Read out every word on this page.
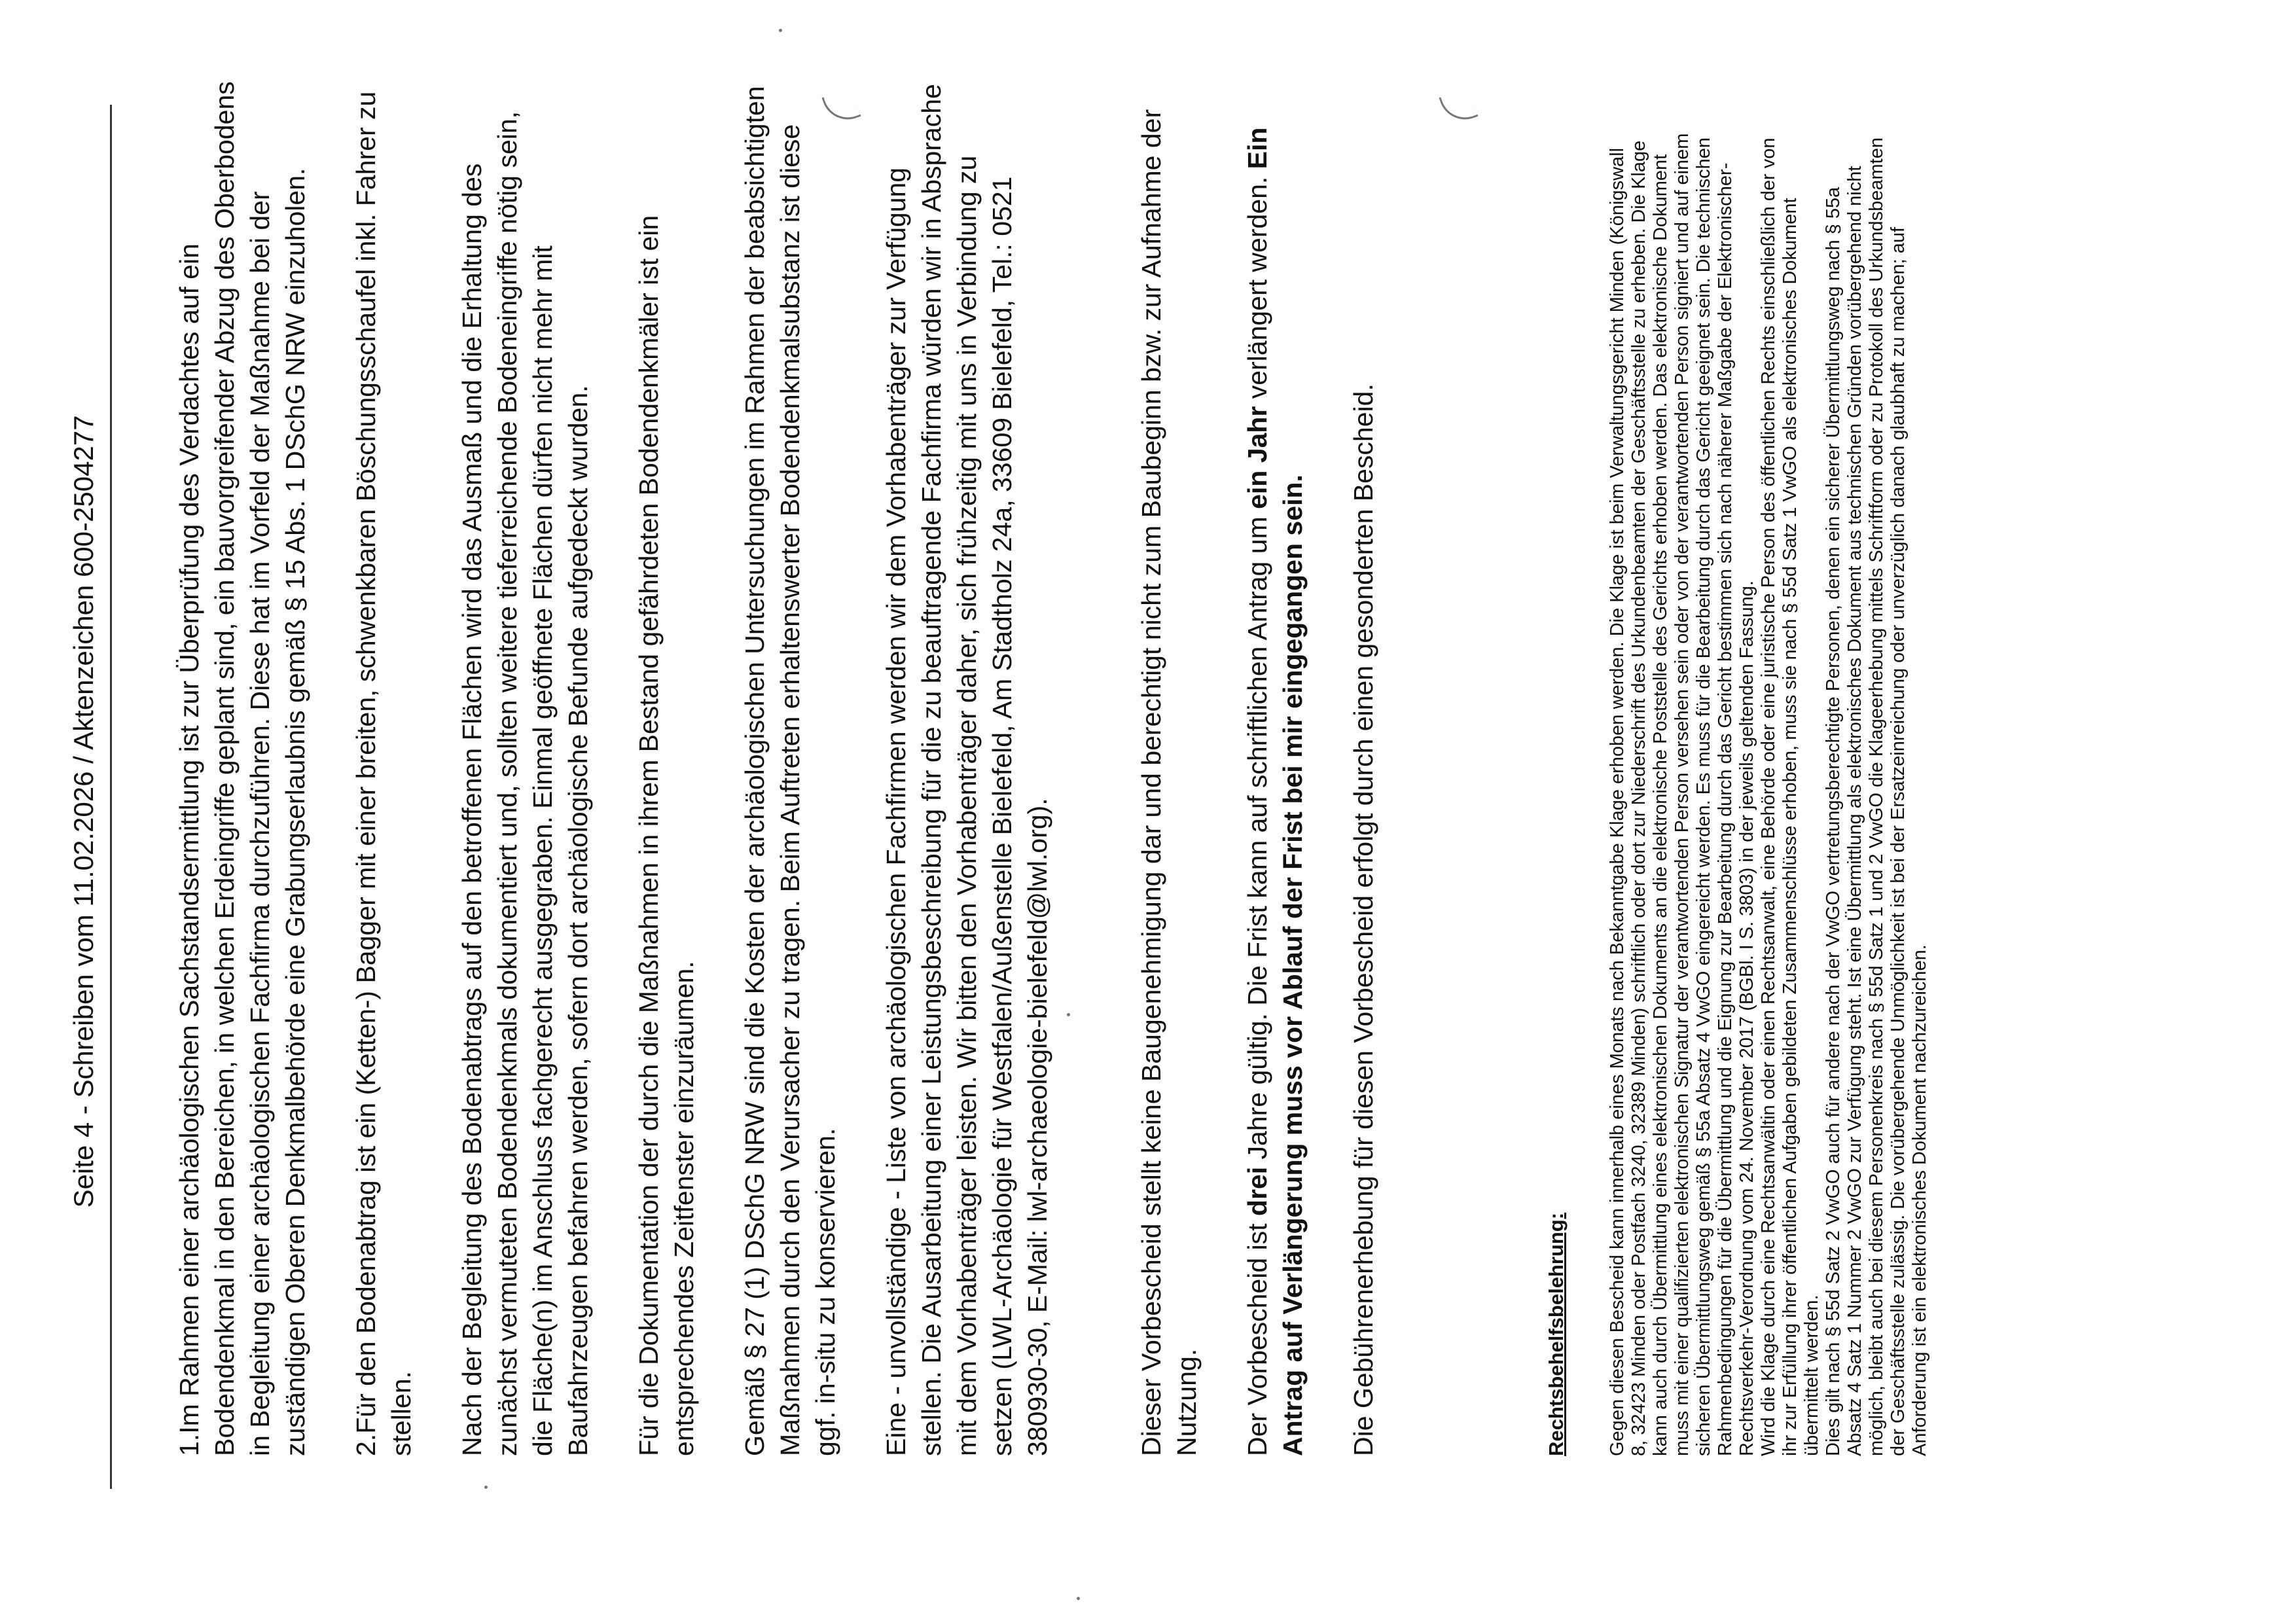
Seite 4 - Schreiben vom 11.02.2026 / Aktenzeichen 600-2504277	1.Im Rahmen einer archäologischen Sachstandsermittlung ist zur Überprüfung des Verdachtes auf ein Bodendenkmal in den Bereichen, in welchen Erdeingriffe geplant sind, ein bauvorgreifender Abzug des Oberbodens in Begleitung einer archäologischen Fachfirma durchzuführen. Diese hat im Vorfeld der Maßnahme bei der zuständigen Oberen Denkmalbehörde eine Grabungserlaubnis gemäß § 15 Abs. 1 DSchG NRW einzuholen. 2.Für den Bodenabtrag ist ein (Ketten-) Bagger mit einer breiten, schwenkbaren Böschungsschaufel inkl. Fahrer zu stellen. Nach der Begleitung des Bodenabtrags auf den betroffenen Flächen wird das Ausmaß und die Erhaltung des zunächst vermuteten Bodendenkmals dokumentiert und, sollten weitere tieferreichende Bodeneingriffe nötig sein, die Fläche(n) im Anschluss fachgerecht ausgegraben. Einmal geöffnete Flächen dürfen nicht mehr mit Baufahrzeugen befahren werden, sofern dort archäologische Befunde aufgedeckt wurden. Für die Dokumentation der durch die Maßnahmen in ihrem Bestand gefährdeten Bodendenkmäler ist ein entsprechendes Zeitfenster einzuräumen. Gemäß § 27 (1) DSchG NRW sind die Kosten der archäologischen Untersuchungen im Rahmen der beabsichtigten Maßnahmen durch den Verursacher zu tragen. Beim Auftreten erhaltenswerter Bodendenkmalsubstanz ist diese ggf. in-situ zu konservieren. Eine - unvollständige - Liste von archäologischen Fachfirmen werden wir dem Vorhabenträger zur Verfügung stellen. Die Ausarbeitung einer Leistungsbeschreibung für die zu beauftragende Fachfirma würden wir in Absprache mit dem Vorhabenträger leisten. Wir bitten den Vorhabenträger daher, sich frühzeitig mit uns in Verbindung zu setzen (LWL-Archäologie für Westfalen/Außenstelle Bielefeld, Am Stadtholz 24a, 33609 Bielefeld, Tel.: 0521 380930-30, E-Mail: lwl-archaeologie-bielefeld@lwl.org).	Dieser Vorbescheid stellt keine Baugenehmigung dar und berechtigt nicht zum Baubeginn bzw. zur Aufnahme der Nutzung. Der Vorbescheid ist drei Jahre gültig. Die Frist kann auf schriftlichen Antrag um ein Jahr verlängert werden. Ein Antrag auf Verlängerung muss vor Ablauf der Frist bei mir eingegangen sein. Die Gebührenerhebung für diesen Vorbescheid erfolgt durch einen gesonderten Bescheid.	Rechtsbehelfsbelehrung: Gegen diesen Bescheid kann innerhalb eines Monats nach Bekanntgabe Klage erhoben werden. Die Klage ist beim Verwaltungsgericht Minden (Königswall 8, 32423 Minden oder Postfach 3240, 32389 Minden) schriftlich oder dort zur Niederschrift des Urkundenbeamten der Geschäftsstelle zu erheben. Die Klage kann auch durch Übermittlung eines elektronischen Dokuments an die elektronische Poststelle des Gerichts erhoben werden. Das elektronische Dokument muss mit einer qualifizierten elektronischen Signatur der verantwortenden Person versehen sein oder von der verantwortenden Person signiert und auf einem sicheren Übermittlungsweg gemäß § 55a Absatz 4 VwGO eingereicht werden. Es muss für die Bearbeitung durch das Gericht geeignet sein. Die technischen Rahmenbedingungen für die Übermittlung und die Eignung zur Bearbeitung durch das Gericht bestimmen sich nach näherer Maßgabe der Elektronischer-Rechtsverkehr-Verordnung vom 24. November 2017 (BGBl. I S. 3803) in der jeweils geltenden Fassung. Wird die Klage durch eine Rechtsanwältin oder einen Rechtsanwalt, eine Behörde oder eine juristische Person des öffentlichen Rechts einschließlich der von ihr zur Erfüllung ihrer öffentlichen Aufgaben gebildeten Zusammenschlüsse erhoben, muss sie nach § 55d Satz 1 VwGO als elektronisches Dokument übermittelt werden. Dies gilt nach § 55d Satz 2 VwGO auch für andere nach der VwGO vertretungsberechtigte Personen, denen ein sicherer Übermittlungsweg nach § 55a Absatz 4 Satz 1 Nummer 2 VwGO zur Verfügung steht. Ist eine Übermittlung als elektronisches Dokument aus technischen Gründen vorübergehend nicht möglich, bleibt auch bei diesem Personenkreis nach § 55d Satz 1 und 2 VwGO die Klageerhebung mittels Schriftform oder zu Protokoll des Urkundsbeamten der Geschäftsstelle zulässig. Die vorübergehende Unmöglichkeit ist bei der Ersatzeinreichung oder unverzüglich danach glaubhaft zu machen; auf Anforderung ist ein elektronisches Dokument nachzureichen.
